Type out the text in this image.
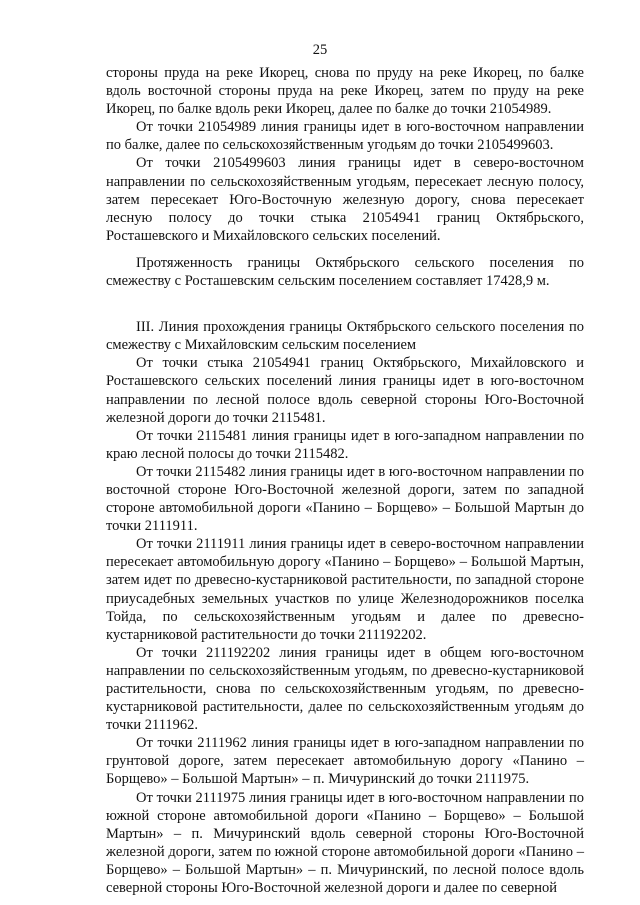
25

стороны пруда на реке Икорец, снова по пруду на реке Икорец, по балке вдоль восточной стороны пруда на реке Икорец, затем по пруду на реке Икорец, по балке вдоль реки Икорец, далее по балке до точки 21054989.

От точки 21054989 линия границы идет в юго-восточном направлении по балке, далее по сельскохозяйственным угодьям до точки 2105499603.

От точки 2105499603 линия границы идет в северо-восточном направлении по сельскохозяйственным угодьям, пересекает лесную полосу, затем пересекает Юго-Восточную железную дорогу, снова пересекает лесную полосу до точки стыка 21054941 границ Октябрьского, Росташевского и Михайловского сельских поселений.

Протяженность границы Октябрьского сельского поселения по смежеству с Росташевским сельским поселением составляет 17428,9 м.

III. Линия прохождения границы Октябрьского сельского поселения по смежеству с Михайловским сельским поселением

От точки стыка 21054941 границ Октябрьского, Михайловского и Росташевского сельских поселений линия границы идет в юго-восточном направлении по лесной полосе вдоль северной стороны Юго-Восточной железной дороги до точки 2115481.

От точки 2115481 линия границы идет в юго-западном направлении по краю лесной полосы до точки 2115482.

От точки 2115482 линия границы идет в юго-восточном направлении по восточной стороне Юго-Восточной железной дороги, затем по западной стороне автомобильной дороги «Панино – Борщево» – Большой Мартын до точки 2111911.

От точки 2111911 линия границы идет в северо-восточном направлении пересекает автомобильную дорогу «Панино – Борщево» – Большой Мартын, затем идет по древесно-кустарниковой растительности, по западной стороне приусадебных земельных участков по улице Железнодорожников поселка Тойда, по сельскохозяйственным угодьям и далее по древесно-кустарниковой растительности до точки 211192202.

От точки 211192202 линия границы идет в общем юго-восточном направлении по сельскохозяйственным угодьям, по древесно-кустарниковой растительности, снова по сельскохозяйственным угодьям, по древесно-кустарниковой растительности, далее по сельскохозяйственным угодьям до точки 2111962.

От точки 2111962 линия границы идет в юго-западном направлении по грунтовой дороге, затем пересекает автомобильную дорогу «Панино – Борщево» – Большой Мартын» – п. Мичуринский до точки 2111975.

От точки 2111975 линия границы идет в юго-восточном направлении по южной стороне автомобильной дороги «Панино – Борщево» – Большой Мартын» – п. Мичуринский вдоль северной стороны Юго-Восточной железной дороги, затем по южной стороне автомобильной дороги «Панино – Борщево» – Большой Мартын» – п. Мичуринский, по лесной полосе вдоль северной стороны Юго-Восточной железной дороги и далее по северной
